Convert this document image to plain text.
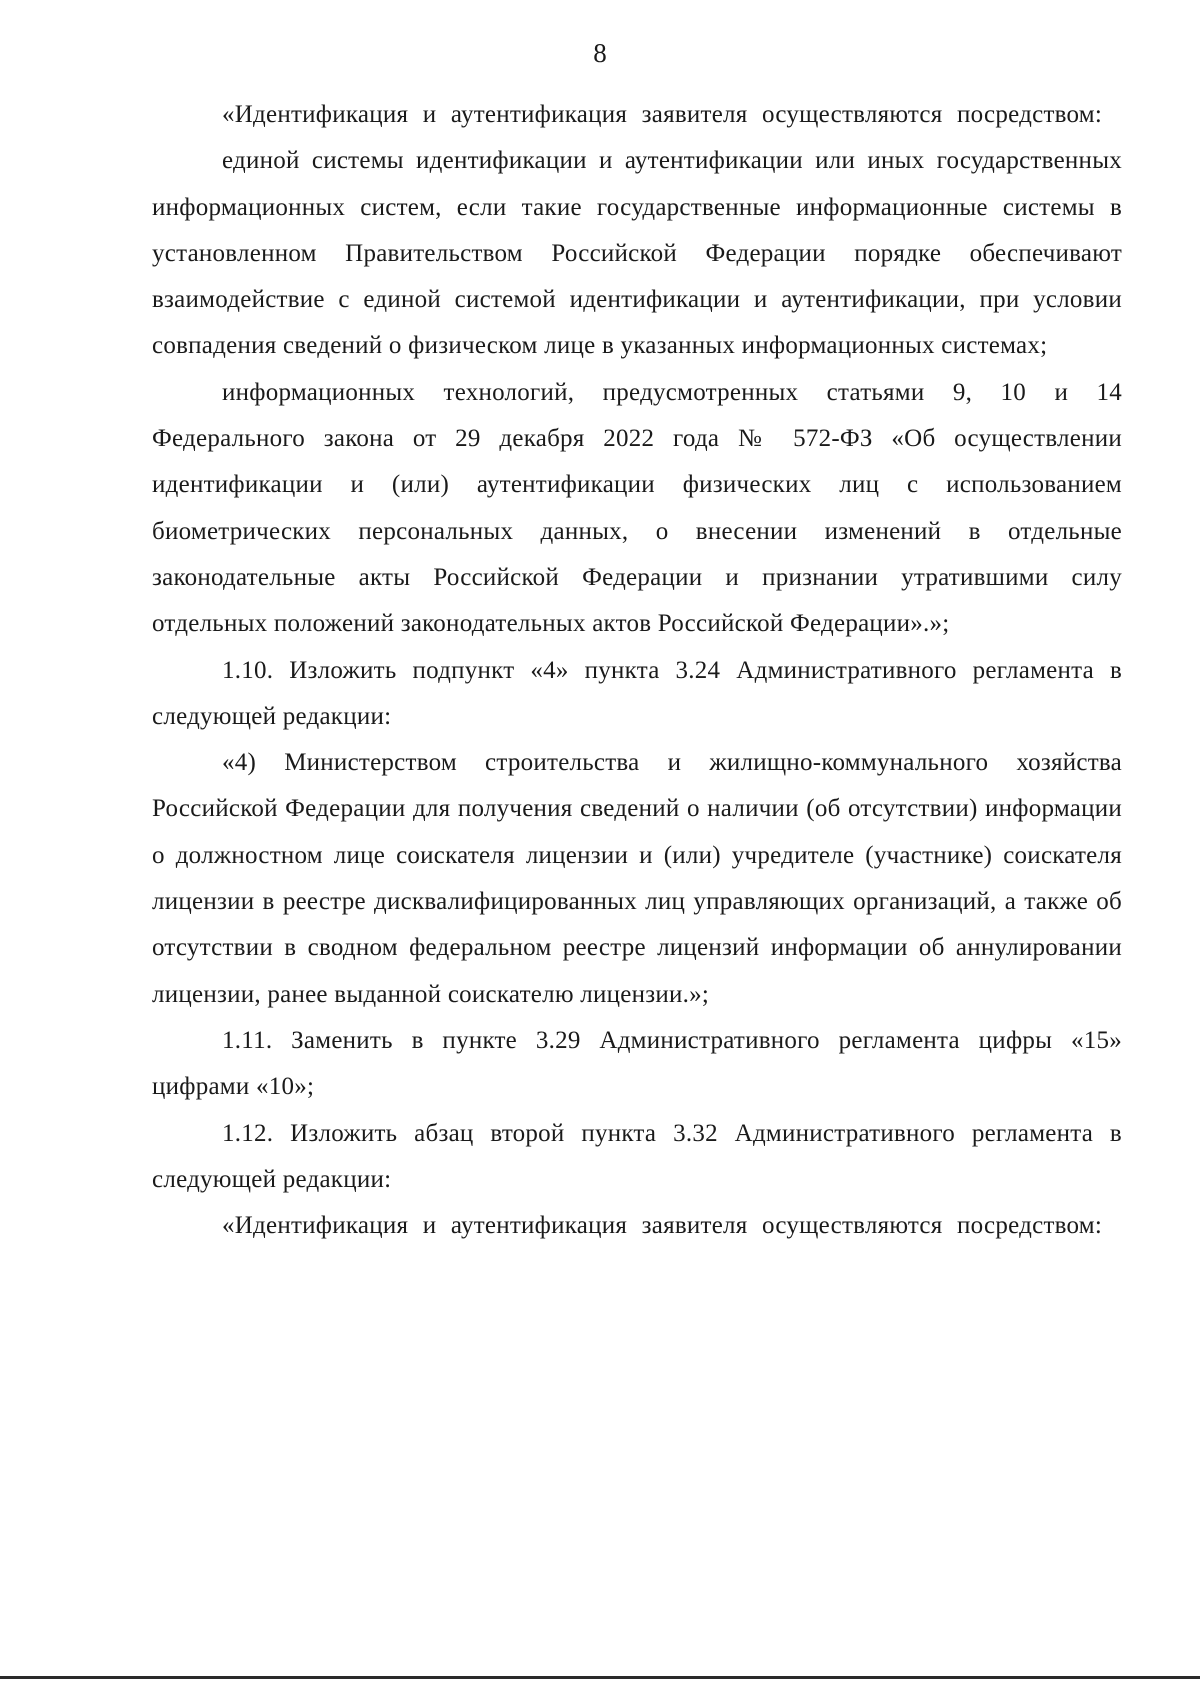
8

«Идентификация и аутентификация заявителя осуществляются посредством:

единой системы идентификации и аутентификации или иных государственных информационных систем, если такие государственные информационные системы в установленном Правительством Российской Федерации порядке обеспечивают взаимодействие с единой системой идентификации и аутентификации, при условии совпадения сведений о физическом лице в указанных информационных системах;

информационных технологий, предусмотренных статьями 9, 10 и 14 Федерального закона от 29 декабря 2022 года № 572-ФЗ «Об осуществлении идентификации и (или) аутентификации физических лиц с использованием биометрических персональных данных, о внесении изменений в отдельные законодательные акты Российской Федерации и признании утратившими силу отдельных положений законодательных актов Российской Федерации».»;

1.10. Изложить подпункт «4» пункта 3.24 Административного регламента в следующей редакции:

«4) Министерством строительства и жилищно-коммунального хозяйства Российской Федерации для получения сведений о наличии (об отсутствии) информации о должностном лице соискателя лицензии и (или) учредителе (участнике) соискателя лицензии в реестре дисквалифицированных лиц управляющих организаций, а также об отсутствии в сводном федеральном реестре лицензий информации об аннулировании лицензии, ранее выданной соискателю лицензии.»;

1.11. Заменить в пункте 3.29 Административного регламента цифры «15» цифрами «10»;

1.12. Изложить абзац второй пункта 3.32 Административного регламента в следующей редакции:

«Идентификация и аутентификация заявителя осуществляются посредством:
